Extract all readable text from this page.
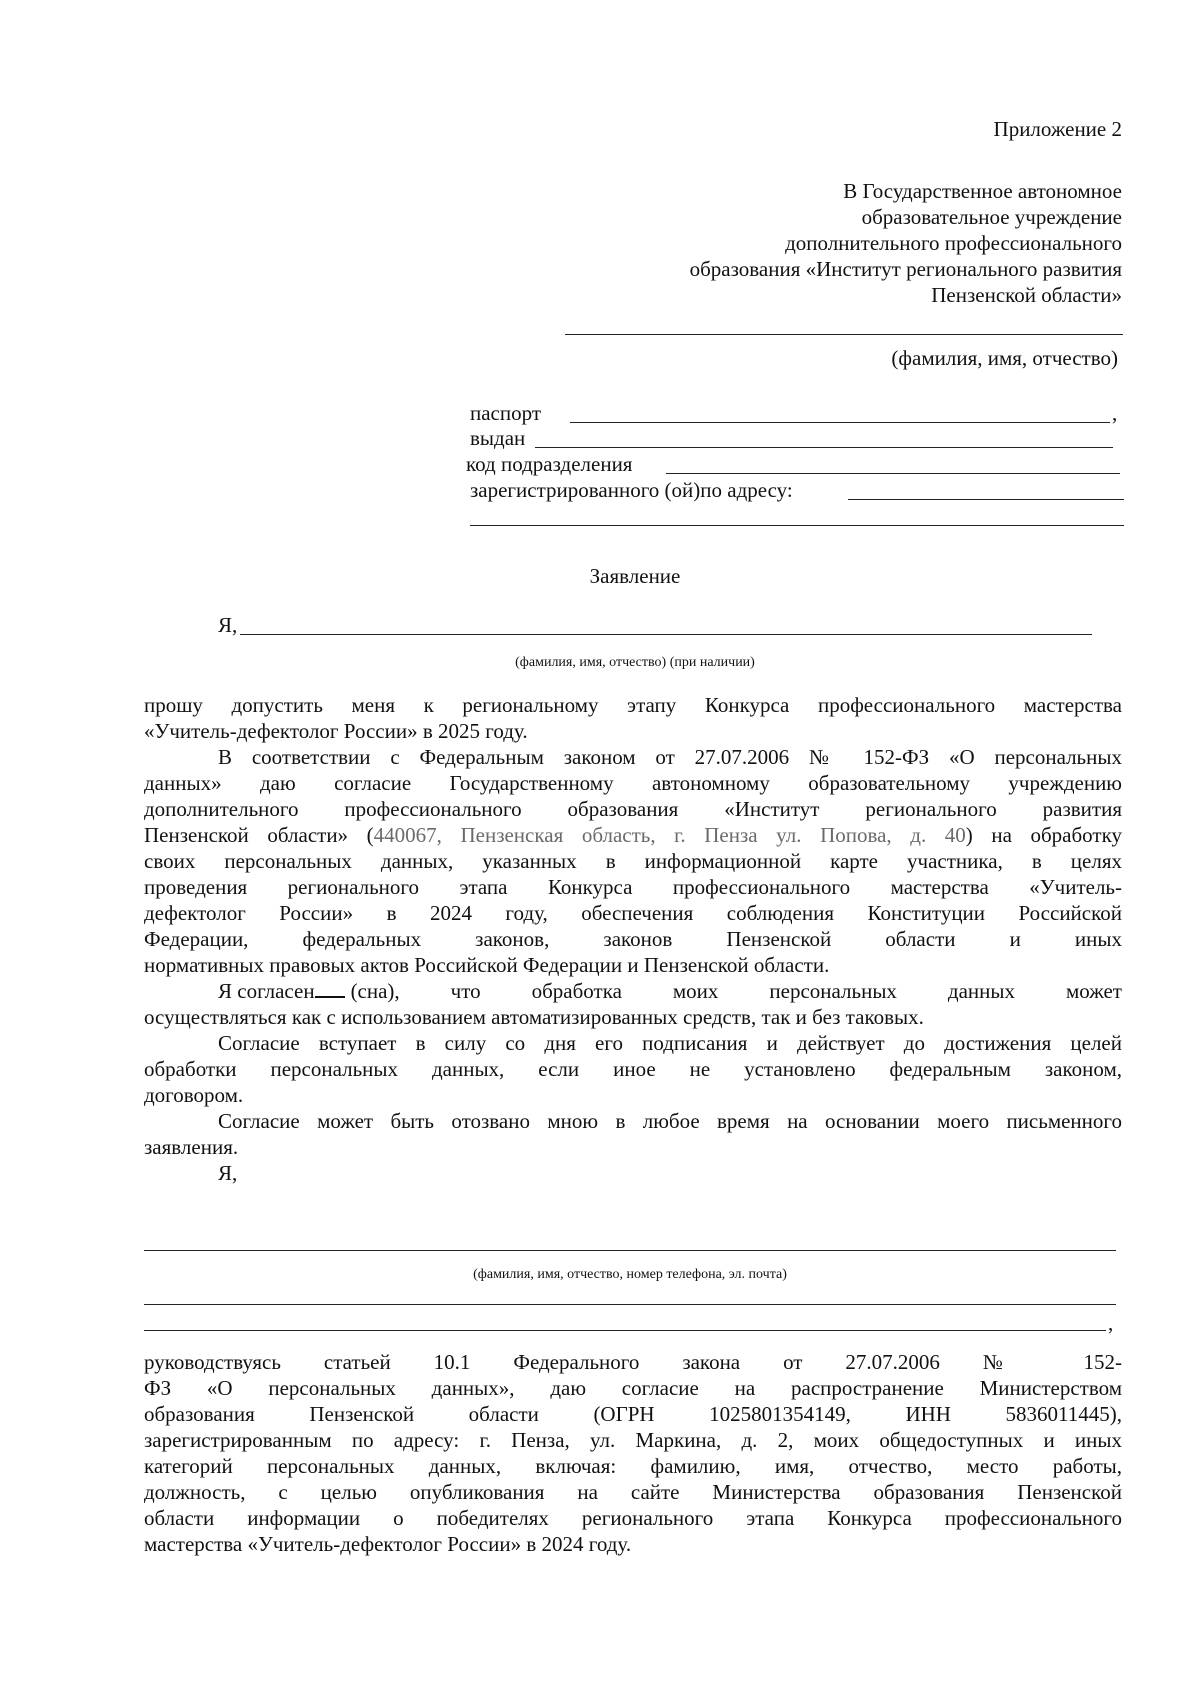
Приложение 2
В Государственное автономное
образовательное учреждение
дополнительного профессионального
образования «Институт регионального развития
Пензенской области»
(фамилия, имя, отчество)
паспорт	,
выдан
код подразделения
зарегистрированного (ой)по адресу:
Заявление
Я,
(фамилия, имя, отчество) (при наличии)
прошу допустить меня к региональному этапу Конкурса профессионального мастерства
«Учитель-дефектолог России» в 2025 году.
В соответствии с Федеральным законом от 27.07.2006 № 152-ФЗ «О персональных
данных» даю согласие Государственному автономному образовательному учреждению
дополнительного профессионального образования «Институт регионального развития
Пензенской области» (440067, Пензенская область, г. Пенза ул. Попова, д. 40) на обработку
своих персональных данных, указанных в информационной карте участника, в целях
проведения регионального этапа Конкурса профессионального мастерства «Учитель-
дефектолог России» в 2024 году, обеспечения соблюдения Конституции Российской
Федерации, федеральных законов, законов Пензенской области и иных
нормативных правовых актов Российской Федерации и Пензенской области.
Я согласен	(сна), что обработка моих персональных данных может
осуществляться как с использованием автоматизированных средств, так и без таковых.
Согласие вступает в силу со дня его подписания и действует до достижения целей
обработки персональных данных, если иное не установлено федеральным законом,
договором.
Согласие может быть отозвано мною в любое время на основании моего письменного
заявления.
Я,
(фамилия, имя, отчество, номер телефона, эл. почта)
,
руководствуясь статьей 10.1 Федерального закона от 27.07.2006 № 152-
ФЗ «О персональных данных», даю согласие на распространение Министерством
образования Пензенской области (ОГРН 1025801354149, ИНН 5836011445),
зарегистрированным по адресу: г. Пенза, ул. Маркина, д. 2, моих общедоступных и иных
категорий персональных данных, включая: фамилию, имя, отчество, место работы,
должность, с целью опубликования на сайте Министерства образования Пензенской
области информации о победителях регионального этапа Конкурса профессионального
мастерства «Учитель-дефектолог России» в 2024 году.
